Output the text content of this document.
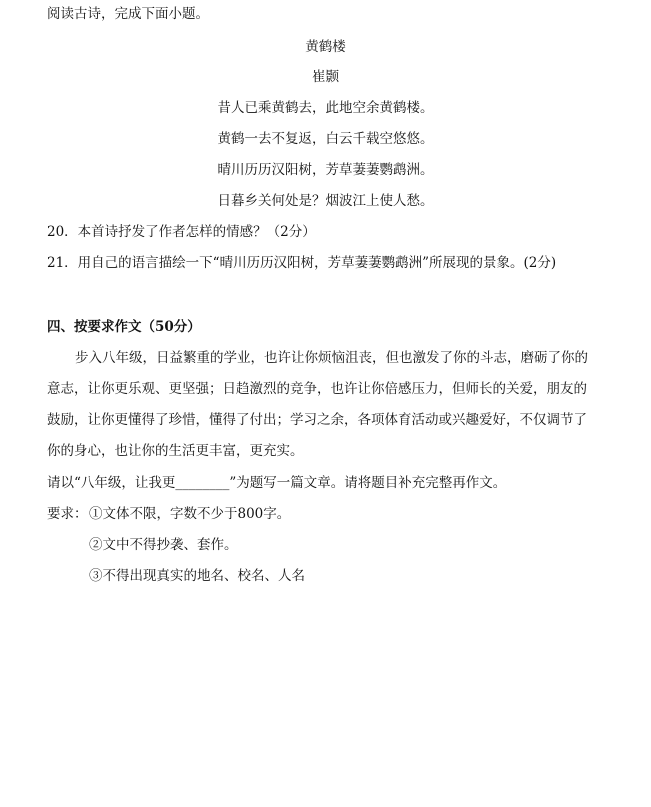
阅读古诗，完成下面小题。
黄鹤楼
崔颢
昔人已乘黄鹤去，此地空余黄鹤楼。
黄鹤一去不复返，白云千载空悠悠。
晴川历历汉阳树，芳草萋萋鹦鹉洲。
日暮乡关何处是？烟波江上使人愁。
20．本首诗抒发了作者怎样的情感？（2分）
21．用自己的语言描绘一下“晴川历历汉阳树，芳草萋萋鹦鹉洲”所展现的景象。(2分)
四、按要求作文（50分）
步入八年级，日益繁重的学业，也许让你烦恼沮丧，但也激发了你的斗志，磨砺了你的
意志，让你更乐观、更坚强；日趋激烈的竞争，也许让你倍感压力，但师长的关爱，朋友的
鼓励，让你更懂得了珍惜，懂得了付出；学习之余，各项体育活动或兴趣爱好，不仅调节了
你的身心，也让你的生活更丰富，更充实。
请以“八年级，让我更________”为题写一篇文章。请将题目补充完整再作文。
要求： ①文体不限，字数不少于800字。
②文中不得抄袭、套作。
③不得出现真实的地名、校名、人名
